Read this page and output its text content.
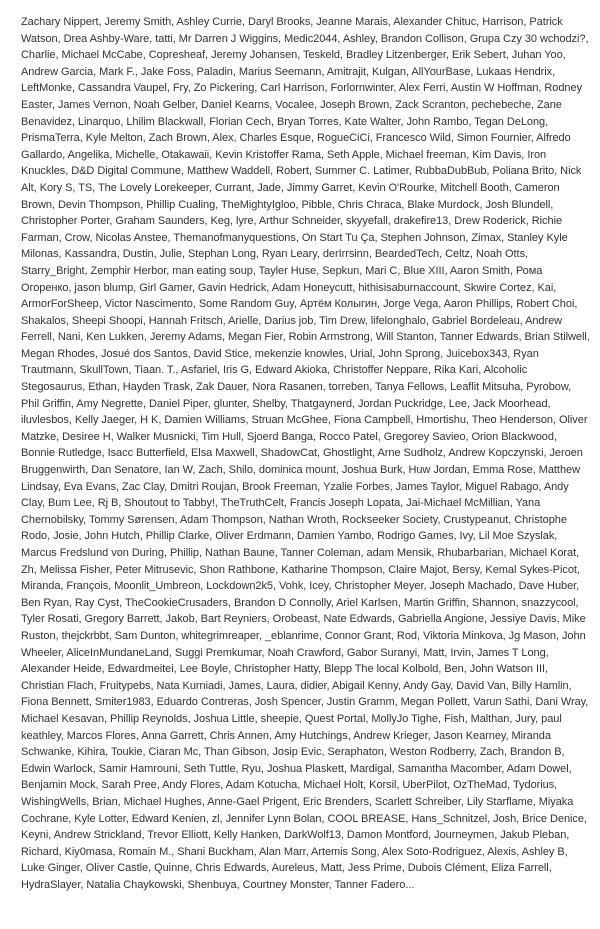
Zachary Nippert, Jeremy Smith, Ashley Currie, Daryl Brooks, Jeanne Marais, Alexander Chituc, Harrison, Patrick Watson, Drea Ashby-Ware, tatti, Mr Darren J Wiggins, Medic2044, Ashley, Brandon Collison, Grupa Czy 30 wchodzi?, Charlie, Michael McCabe, Copresheaf, Jeremy Johansen, Teskeld, Bradley Litzenberger, Erik Sebert, Juhan Yoo, Andrew Garcia, Mark F., Jake Foss, Paladin, Marius Seemann, Amitrajit, Kulgan, AllYourBase, Lukaas Hendrix, LeftMonke, Cassandra Vaupel, Fry, Zo Pickering, Carl Harrison, Forlornwinter, Alex Ferri, Austin W Hoffman, Rodney Easter, James Vernon, Noah Gelber, Daniel Kearns, Vocalee, Joseph Brown, Zack Scranton, pechebeche, Zane Benavidez, Linarquo, Lhilim Blackwall, Florian Cech, Bryan Torres, Kate Walter, John Rambo, Tegan DeLong, PrismaTerra, Kyle Melton, Zach Brown, Alex, Charles Esque, RogueCiCi, Francesco Wild, Simon Fournier, Alfredo Gallardo, Angelika, Michelle, Otakawaii, Kevin Kristoffer Rama, Seth Apple, Michael freeman, Kim Davis, Iron Knuckles, D&D Digital Commune, Matthew Waddell, Robert, Summer C. Latimer, RubbaDubBub, Poliana Brito, Nick Alt, Kory S, TS, The Lovely Lorekeeper, Currant, Jade, Jimmy Garret, Kevin O'Rourke, Mitchell Booth, Cameron Brown, Devin Thompson, Phillip Cualing, TheMightyIgloo, Pibble, Chris Chraca, Blake Murdock, Josh Blundell, Christopher Porter, Graham Saunders, Keg, lyre, Arthur Schneider, skyyefall, drakefire13, Drew Roderick, Richie Farman, Crow, Nicolas Anstee, Themanofmanyquestions, On Start Tu Ça, Stephen Johnson, Zimax, Stanley Kyle Milonas, Kassandra, Dustin, Julie, Stephan Long, Ryan Leary, derIrrsinn, BeardedTech, Celtz, Noah Otts, Starry_Bright, Zemphir Herbor, man eating soup, Tayler Huse, Sepkun, Mari C, Blue XIII, Aaron Smith, Рома Огоренко, jason blump, Girl Gamer, Gavin Hedrick, Adam Honeycutt, hithisisaburnaccount, Skwire Cortez, Kai, ArmorForSheep, Victor Nascimento, Some Random Guy, Артём Колыгин, Jorge Vega, Aaron Phillips, Robert Choi, Shakalos, Sheepi Shoopi, Hannah Fritsch, Arielle, Darius job, Tim Drew, lifelonghalo, Gabriel Bordeleau, Andrew Ferrell, Nani, Ken Lukken, Jeremy Adams, Megan Fier, Robin Armstrong, Will Stanton, Tanner Edwards, Brian Stilwell, Megan Rhodes, Josué dos Santos, David Stice, mekenzie knowles, Urial, John Sprong, Juicebox343, Ryan Trautmann, SkullTown, Tiaan. T., Asfariel, Iris G, Edward Akioka, Christoffer Neppare, Rika Kari, Alcoholic Stegosaurus, Ethan, Hayden Trask, Zak Dauer, Nora Rasanen, torreben, Tanya Fellows, Leaflit Mitsuha, Pyrobow, Phil Griffin, Amy Negrette, Daniel Piper, glunter, Shelby, Thatgaynerd, Jordan Puckridge, Lee, Jack Moorhead, iluvlesbos, Kelly Jaeger, H K, Damien Williams, Struan McGhee, Fiona Campbell, Hmortishu, Theo Henderson, Oliver Matzke, Desiree H, Walker Musnicki, Tim Hull, Sjoerd Banga, Rocco Patel, Gregorey Savieo, Orion Blackwood, Bonnie Rutledge, Isacc Butterfield, Elsa Maxwell, ShadowCat, Ghostlight, Arne Sudholz, Andrew Kopczynski, Jeroen Bruggenwirth, Dan Senatore, Ian W, Zach, Shilo, dominica mount, Joshua Burk, Huw Jordan, Emma Rose, Matthew Lindsay, Eva Evans, Zac Clay, Dmitri Roujan, Brook Freeman, Yzalie Forbes, James Taylor, Miguel Rabago, Andy Clay, Bum Lee, Rj B, Shoutout to Tabby!, TheTruthCelt, Francis Joseph Lopata, Jai-Michael McMillian, Yana Chernobilsky, Tommy Sørensen, Adam Thompson, Nathan Wroth, Rockseeker Society, Crustypeanut, Christophe Rodo, Josie, John Hutch, Phillip Clarke, Oliver Erdmann, Damien Yambo, Rodrigo Games, Ivy, Lil Moe Szyslak, Marcus Fredslund von During, Phillip, Nathan Baune, Tanner Coleman, adam Mensik, Rhubarbarian, Michael Korat, Zh, Melissa Fisher, Peter Mitrusevic, Shon Rathbone, Katharine Thompson, Claire Majot, Bersy, Kemal Sykes-Picot, Miranda, François, Moonlit_Umbreon, Lockdown2k5, Vohk, Icey, Christopher Meyer, Joseph Machado, Dave Huber, Ben Ryan, Ray Cyst, TheCookieCrusaders, Brandon D Connolly, Ariel Karlsen, Martin Griffin, Shannon, snazzycool, Tyler Rosati, Gregory Barrett, Jakob, Bart Reyniers, Orobeast, Nate Edwards, Gabriella Angione, Jessiye Davis, Mike Ruston, thejckrbbt, Sam Dunton, whitegrimreaper, _eblanrime, Connor Grant, Rod, Viktoria Minkova, Jg Mason, John Wheeler, AliceInMundaneLand, Suggi Premkumar, Noah Crawford, Gabor Suranyi, Matt, Irvin, James T Long, Alexander Heide, Edwardmeitei, Lee Boyle, Christopher Hatty, Blepp The local Kolbold, Ben, John Watson III, Christian Flach, Fruitypebs, Nata Kurniadi, James, Laura, didier, Abigail Kenny, Andy Gay, David Van, Billy Hamlin, Fiona Bennett, Smiter1983, Eduardo Contreras, Josh Spencer, Justin Gramm, Megan Pollett, Varun Sathi, Dani Wray, Michael Kesavan, Phillip Reynolds, Joshua Little, sheepie, Quest Portal, MollyJo Tighe, Fish, Malthan, Jury, paul keathley, Marcos Flores, Anna Garrett, Chris Annen, Amy Hutchings, Andrew Krieger, Jason Kearney, Miranda Schwanke, Kihira, Toukie, Ciaran Mc, Than Gibson, Josip Evic, Seraphaton, Weston Rodberry, Zach, Brandon B, Edwin Warlock, Samir Hamrouni, Seth Tuttle, Ryu, Joshua Plaskett, Mardigal, Samantha Macomber, Adam Dowel, Benjamin Mock, Sarah Pree, Andy Flores, Adam Kotucha, Michael Holt, Korsil, UberPilot, OzTheMad, Tydorius, WishingWells, Brian, Michael Hughes, Anne-Gael Prigent, Eric Brenders, Scarlett Schreiber, Lily Starflame, Miyaka Cochrane, Kyle Lotter, Edward Kenien, zl, Jennifer Lynn Bolan, COOL BREASE, Hans_Schnitzel, Josh, Brice Denice, Keyni, Andrew Strickland, Trevor Elliott, Kelly Hanken, DarkWolf13, Damon Montford, Journeymen, Jakub Pleban, Richard, Kiy0masa, Romain M., Shani Buckham, Alan Marr, Artemis Song, Alex Soto-Rodriguez, Alexis, Ashley B, Luke Ginger, Oliver Castle, Quinne, Chris Edwards, Aureleus, Matt, Jess Prime, Dubois Clément, Eliza Farrell, HydraSlayer, Natalia Chaykowski, Shenbuya, Courtney Monster, Tanner Fadero...
